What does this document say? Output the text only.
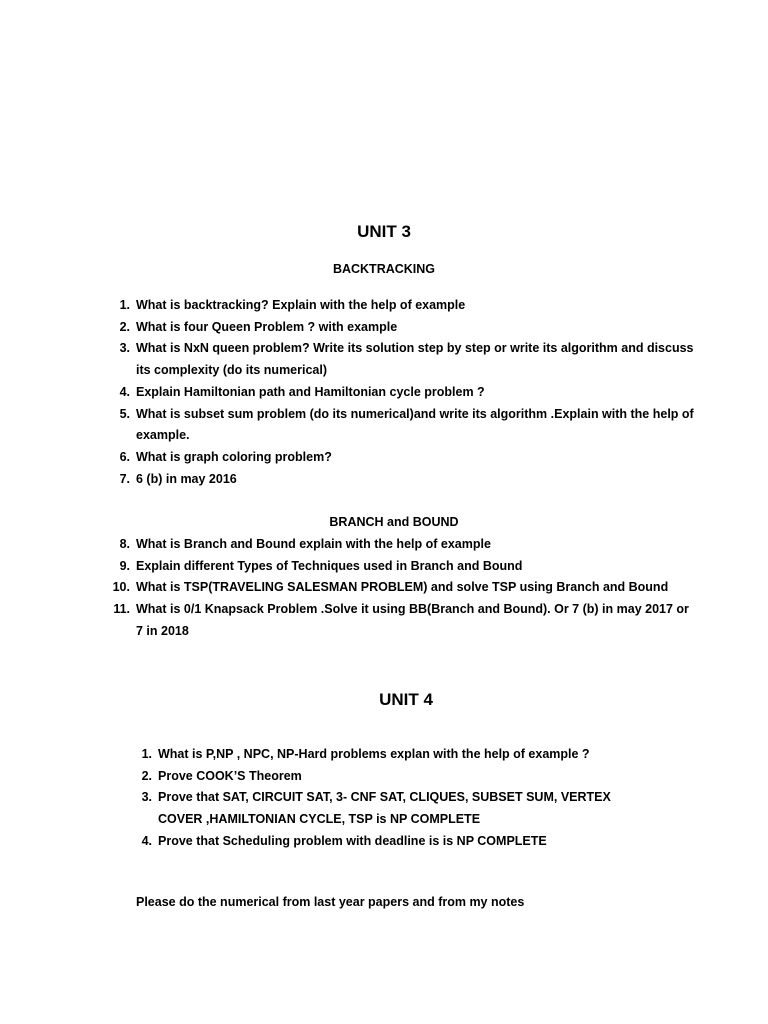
UNIT 3
BACKTRACKING
1. What is backtracking? Explain with the help of example
2. What is four Queen Problem ? with example
3. What is NxN queen problem? Write its solution step by step or write its algorithm and discuss its complexity (do its numerical)
4. Explain Hamiltonian path and Hamiltonian cycle problem ?
5. What is subset sum problem (do its numerical)and write its algorithm .Explain with the help of example.
6. What is graph coloring problem?
7. 6 (b) in may 2016
BRANCH and BOUND
8. What is Branch and Bound explain with the help of example
9. Explain different Types of Techniques used in Branch and Bound
10. What is TSP(TRAVELING SALESMAN PROBLEM) and solve TSP using Branch and Bound
11. What is 0/1 Knapsack Problem .Solve it using BB(Branch and Bound). Or 7 (b) in may 2017 or 7 in 2018
UNIT 4
1. What is P,NP , NPC, NP-Hard problems explan with the help of example ?
2. Prove COOK’S Theorem
3. Prove that SAT, CIRCUIT SAT, 3- CNF SAT, CLIQUES, SUBSET SUM, VERTEX COVER ,HAMILTONIAN CYCLE, TSP is NP COMPLETE
4. Prove that Scheduling problem with deadline is is NP COMPLETE

Please do the numerical from last year papers and from my notes
